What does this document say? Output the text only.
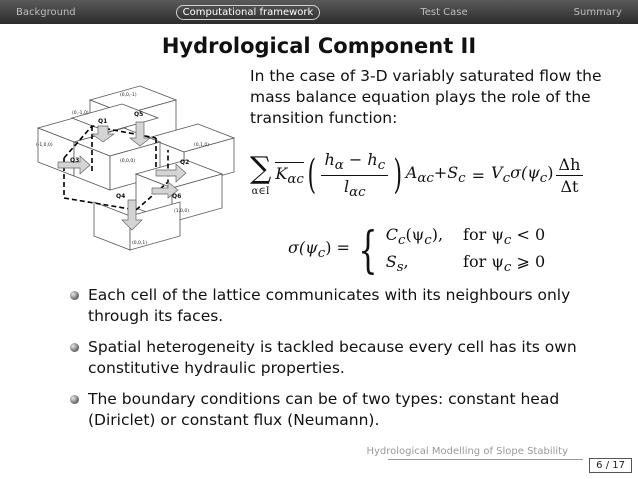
Background	Computational framework	Test Case	Summary
Hydrological Component II
Q1
Q5
Q3	Q2
Q4	Q6
(0,0,-1)
(-1,0,0)
(0,-1,0)
(0,1,0)
(0,0,0)
(1,0,0)
(0,0,1)
In the case of 3-D variably saturated flow the mass balance equation plays the role of the transition function:
∑
α∈I
$K_{\alpha c}$ ( $\frac{h_\alpha - h_c}{l_{\alpha c}}$ ) $A_{\alpha c} +S_c = V_c$ $\sigma(\psi_c) \frac{\Delta h}{\Delta t}$
$\sigma(\psi_c)$ = { $C_c(\psi_c)$, for $\psi_c < 0$
$S_s$,	for $\psi_c$ ⩾ 0
Each cell of the lattice communicates with its neighbours only through its faces.
Spatial heterogeneity is tackled because every cell has its own constitutive hydraulic properties.
The boundary conditions can be of two types: constant head (Diriclet) or constant flux (Neumann).
Hydrological Modelling of Slope Stability
6 / 17
